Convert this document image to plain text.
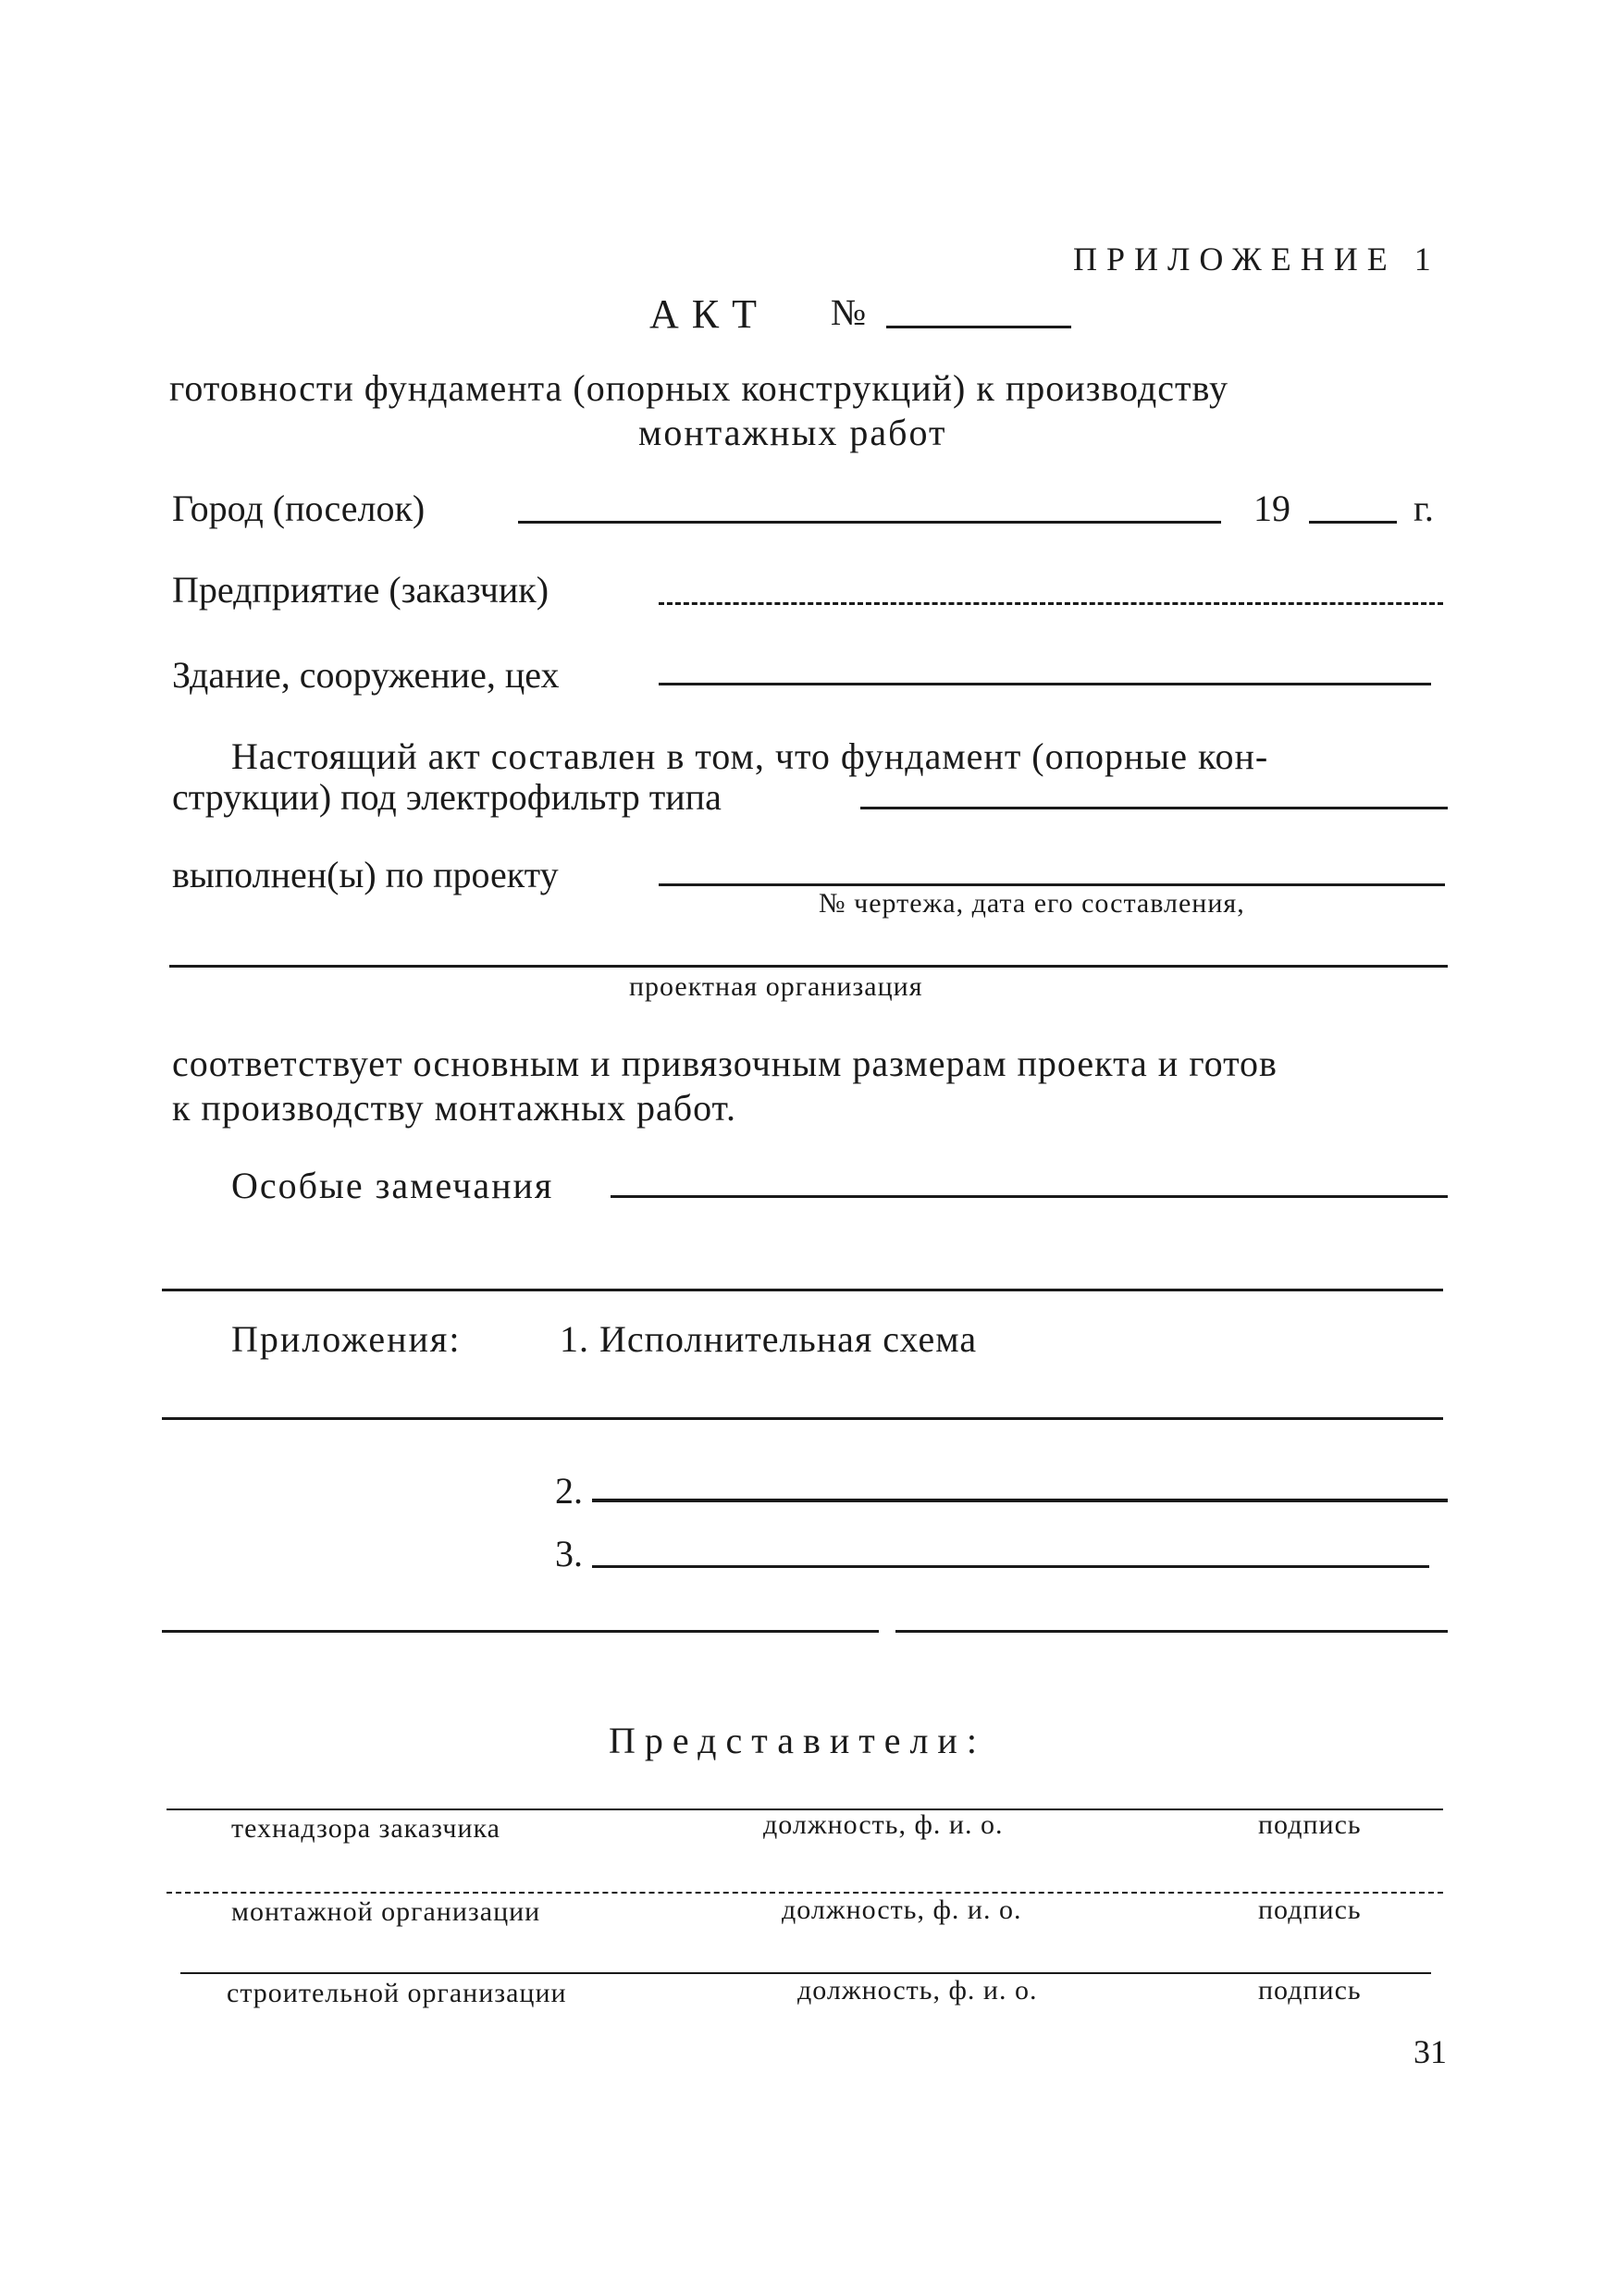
ПРИЛОЖЕНИЕ 1
АКТ №
готовности фундамента (опорных конструкций) к производству
монтажных работ
Город (поселок)	19	г.
Предприятие (заказчик)
Здание, сооружение, цех
Настоящий акт составлен в том, что фундамент (опорные кон-
струкции) под электрофильтр типа
выполнен(ы) по проекту
№ чертежа, дата его составления,
проектная организация
соответствует основным и привязочным размерам проекта и готов
к производству монтажных работ.
Особые замечания
Приложения:	1. Исполнительная схема
2.
3.
Представители:
технадзора заказчика	должность, ф. и. о.	подпись
монтажной организации	должность, ф. и. о.	подпись
строительной организации	должность, ф. и. о.	подпись
31
